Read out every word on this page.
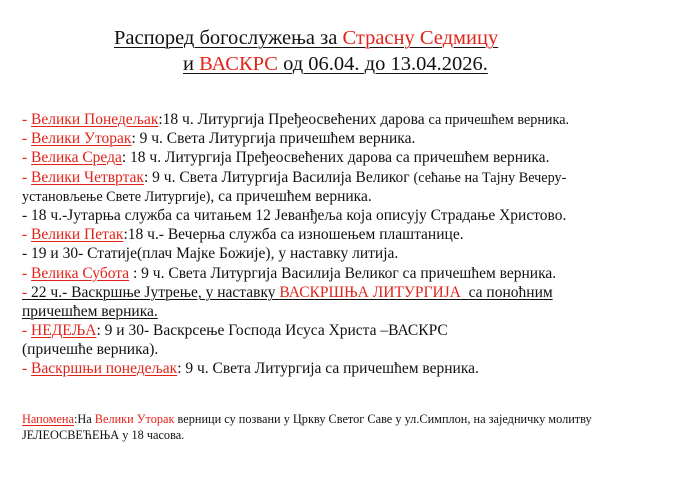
Распоред богослужења за Страсну Седмицу
и ВАСКРС од 06.04. до 13.04.2026.
- Велики Понедељак:18 ч. Литургија Пређеосвећених дарова са причешћем верника.
- Велики Уторак: 9 ч. Света Литургија причешћем верника.
- Велика Среда: 18 ч. Литургија Пређеосвећених дарова са причешћем верника.
- Велики Четвртак: 9 ч. Света Литургија Василија Великог (сећање на Тајну Вечеру-
установљење Свете Литургије), са причешћем верника.
- 18 ч.-Јутарња служба са читањем 12 Јеванђеља која описују Страдање Христово.
- Велики Петак:18 ч.- Вечерња служба са изношењем плаштанице.
- 19 и 30- Статије(плач Мајке Божије), у наставку литија.
- Велика Субота : 9 ч. Света Литургија Василија Великог са причешћем верника.
- 22 ч.- Васкршње Јутрење, у наставку ВАСКРШЊА ЛИТУРГИЈА  са поноћним
причешћем верника.
- НЕДЕЉА: 9 и 30- Васкрсење Господа Исуса Христа –ВАСКРС
(причешће верника).
- Васкршњи понедељак: 9 ч. Света Литургија са причешћем верника.
Напомена:На Велики Уторак верници су позвани у Цркву Светог Саве у ул.Симплон, на заједничку молитву
ЈЕЛЕОСВЕЋЕЊА у 18 часова.
